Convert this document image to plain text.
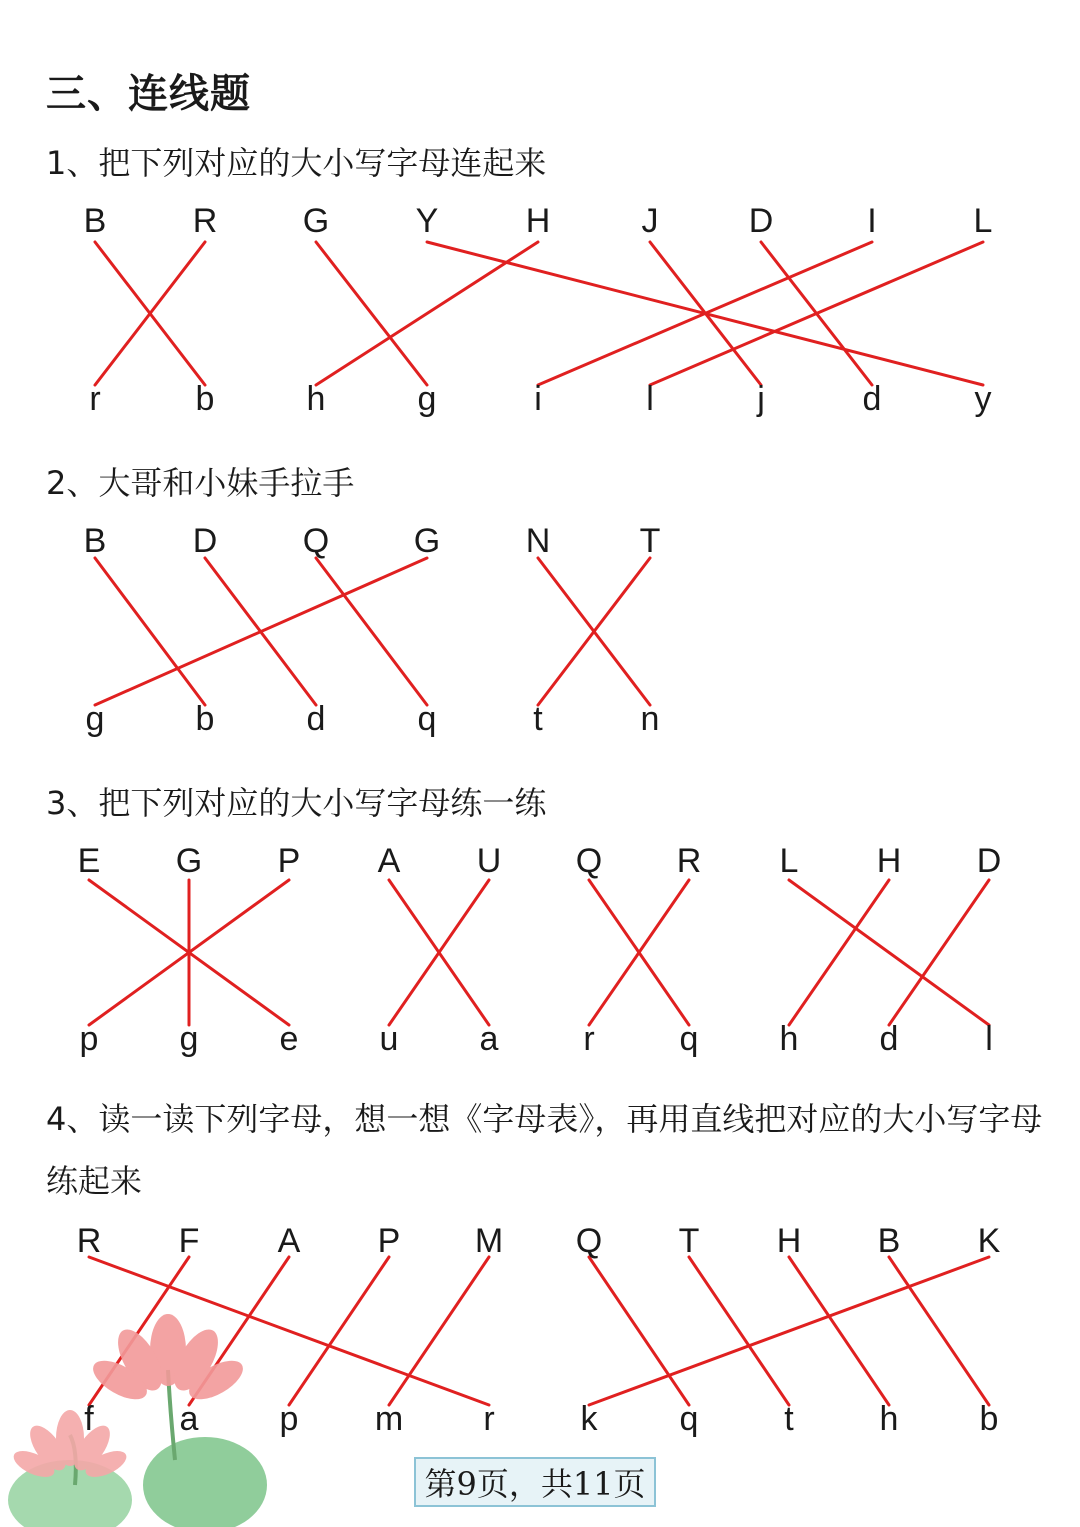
三、连线题
1、把下列对应的大小写字母连起来
2、大哥和小妹手拉手
3、把下列对应的大小写字母练一练
4、读一读下列字母，想一想《字母表》，再用直线把对应的大小写字母练起来
B	R	G	Y	H	J	D	I	L
r	b	h	g	i	l	j	d	y
B	D	Q G	N	T
g	b	d	q	t	n
E G P A U Q R L H D
p g e u a r q h d	l
R F A P M Q T H B K
f	a p m r	k q	t	h b
第9页，共11页
